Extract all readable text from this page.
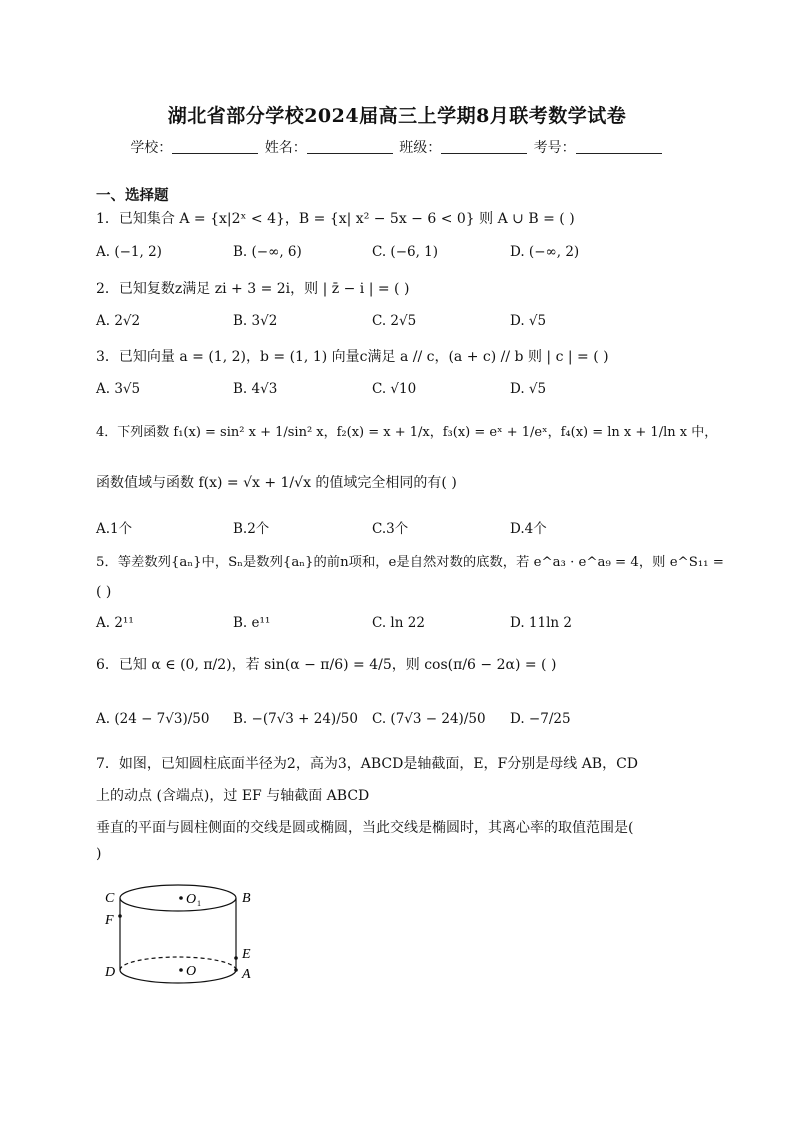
湖北省部分学校2024届高三上学期8月联考数学试卷
学校：	姓名：	班级：	考号：
一、选择题
1．已知集合 A = {x|2ˣ < 4}，B = {x| x² − 5x − 6 < 0} 则 A ∪ B = ( )
A. (−1, 2)	B. (−∞, 6)	C. (−6, 1)	D. (−∞, 2)
2．已知复数z满足 zi + 3 = 2i，则 | z̄ − i | = ( )
A. 2√2	B. 3√2	C. 2√5	D. √5
3．已知向量 a = (1, 2)，b = (1, 1) 向量c满足 a // c，(a + c) // b 则 | c | = ( )
A. 3√5	B. 4√3	C. √10	D. √5
4．下列函数 f₁(x) = sin² x + 1/sin² x，f₂(x) = x + 1/x，f₃(x) = eˣ + 1/eˣ，f₄(x) = ln x + 1/ln x 中，
函数值域与函数 f(x) = √x + 1/√x 的值域完全相同的有( )
A.1个	B.2个	C.3个	D.4个
5．等差数列{aₙ}中，Sₙ是数列{aₙ}的前n项和，e是自然对数的底数，若 e^a₃ · e^a₉ = 4，则 e^S₁₁ =
( )
A. 2¹¹	B. e¹¹	C. ln 22	D. 11ln 2
6．已知 α ∈ (0, π/2)，若 sin(α − π/6) = 4/5，则 cos(π/6 − 2α) = ( )
A. (24 − 7√3)/50 B. −(7√3 + 24)/50 C. (7√3 − 24)/50 D. −7/25
7．如图，已知圆柱底面半径为2，高为3，ABCD是轴截面，E，F分别是母线 AB，CD
上的动点 (含端点)，过 EF 与轴截面 ABCD
垂直的平面与圆柱侧面的交线是圆或椭圆，当此交线是椭圆时，其离心率的取值范围是(
)
C	B
O 1
F
E
D	A
O
